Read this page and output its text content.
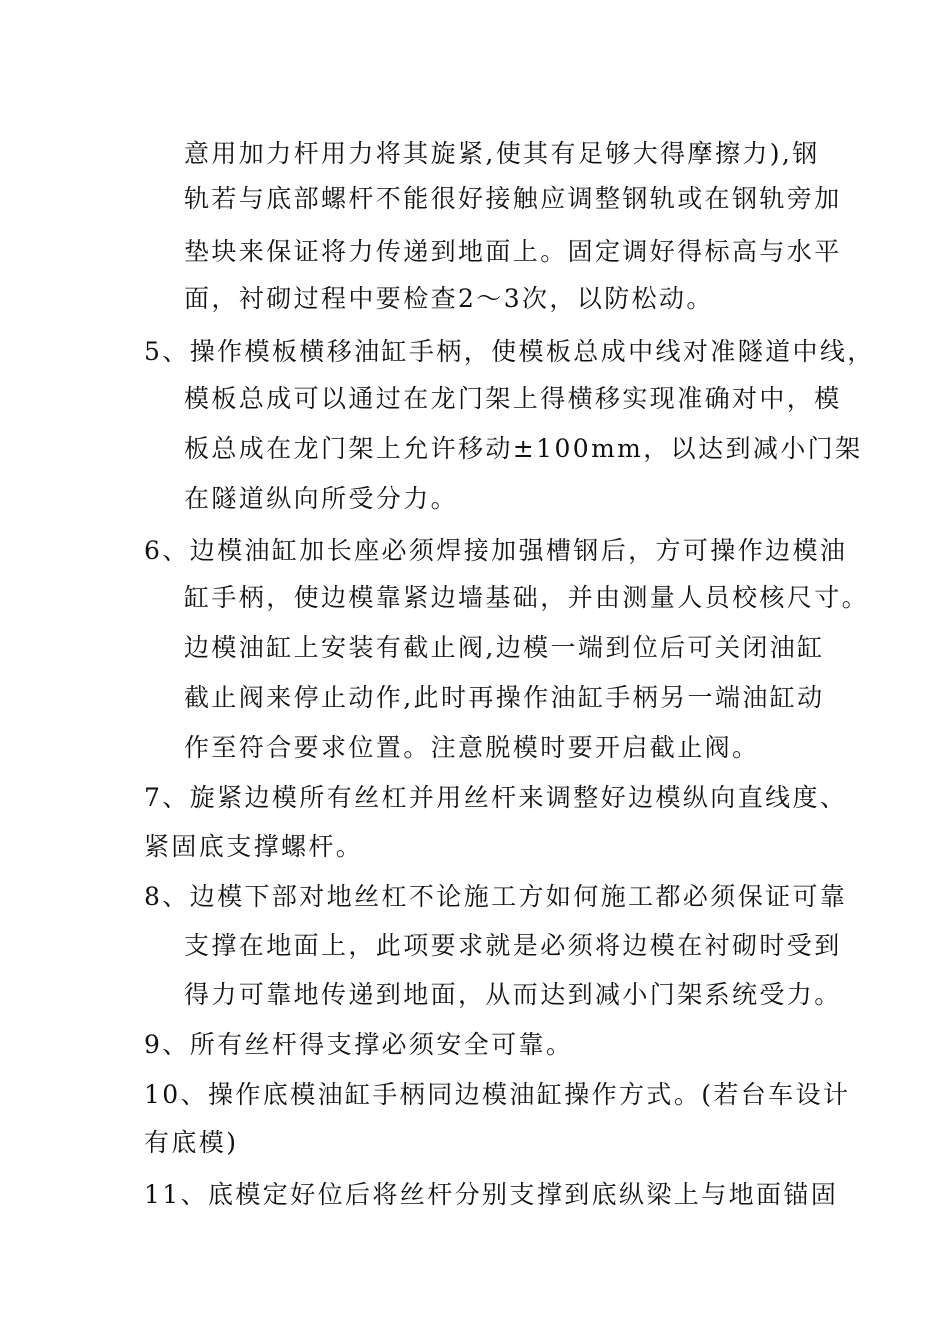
意用加力杆用力将其旋紧,使其有足够大得摩擦力),钢
轨若与底部螺杆不能很好接触应调整钢轨或在钢轨旁加
垫块来保证将力传递到地面上。固定调好得标高与水平
面，衬砌过程中要检查2～3次，以防松动。
5、操作模板横移油缸手柄，使模板总成中线对准隧道中线，
模板总成可以通过在龙门架上得横移实现准确对中，模
板总成在龙门架上允许移动±100mm，以达到减小门架
在隧道纵向所受分力。
6、边模油缸加长座必须焊接加强槽钢后，方可操作边模油
缸手柄，使边模靠紧边墙基础，并由测量人员校核尺寸。
边模油缸上安装有截止阀,边模一端到位后可关闭油缸
截止阀来停止动作,此时再操作油缸手柄另一端油缸动
作至符合要求位置。注意脱模时要开启截止阀。
7、旋紧边模所有丝杠并用丝杆来调整好边模纵向直线度、
紧固底支撑螺杆。
8、边模下部对地丝杠不论施工方如何施工都必须保证可靠
支撑在地面上，此项要求就是必须将边模在衬砌时受到
得力可靠地传递到地面，从而达到减小门架系统受力。
9、所有丝杆得支撑必须安全可靠。
10、操作底模油缸手柄同边模油缸操作方式。(若台车设计
有底模)
11、底模定好位后将丝杆分别支撑到底纵梁上与地面锚固
